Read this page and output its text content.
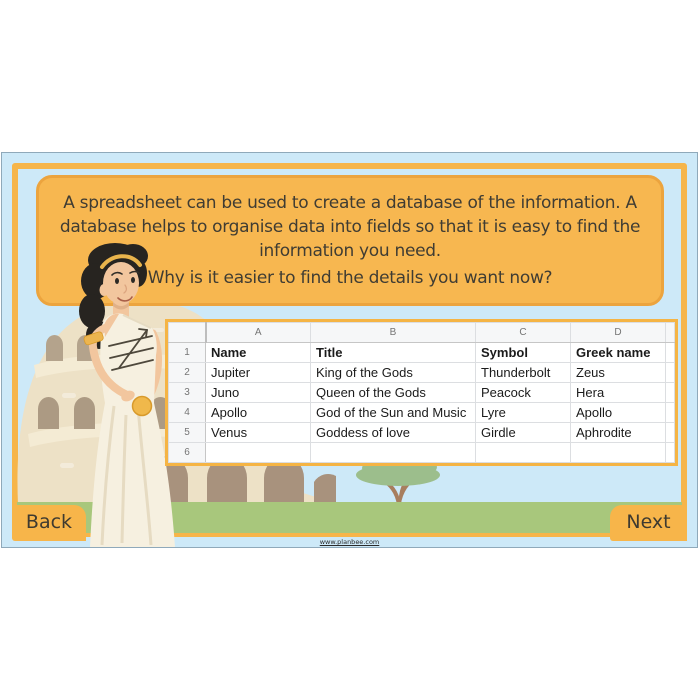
A spreadsheet can be used to create a database of the information. A database helps to organise data into fields so that it is easy to find the information you need.

Why is it easier to find the details you want now?

	A	B	C	D	
1	Name	Title	Symbol	Greek name	
2	Jupiter	King of the Gods	Thunderbolt	Zeus	
3	Juno	Queen of the Gods	Peacock	Hera	
4	Apollo	God of the Sun and Music	Lyre	Apollo	
5	Venus	Goddess of love	Girdle	Aphrodite	
6					
Back	Next
www.planbee.com
